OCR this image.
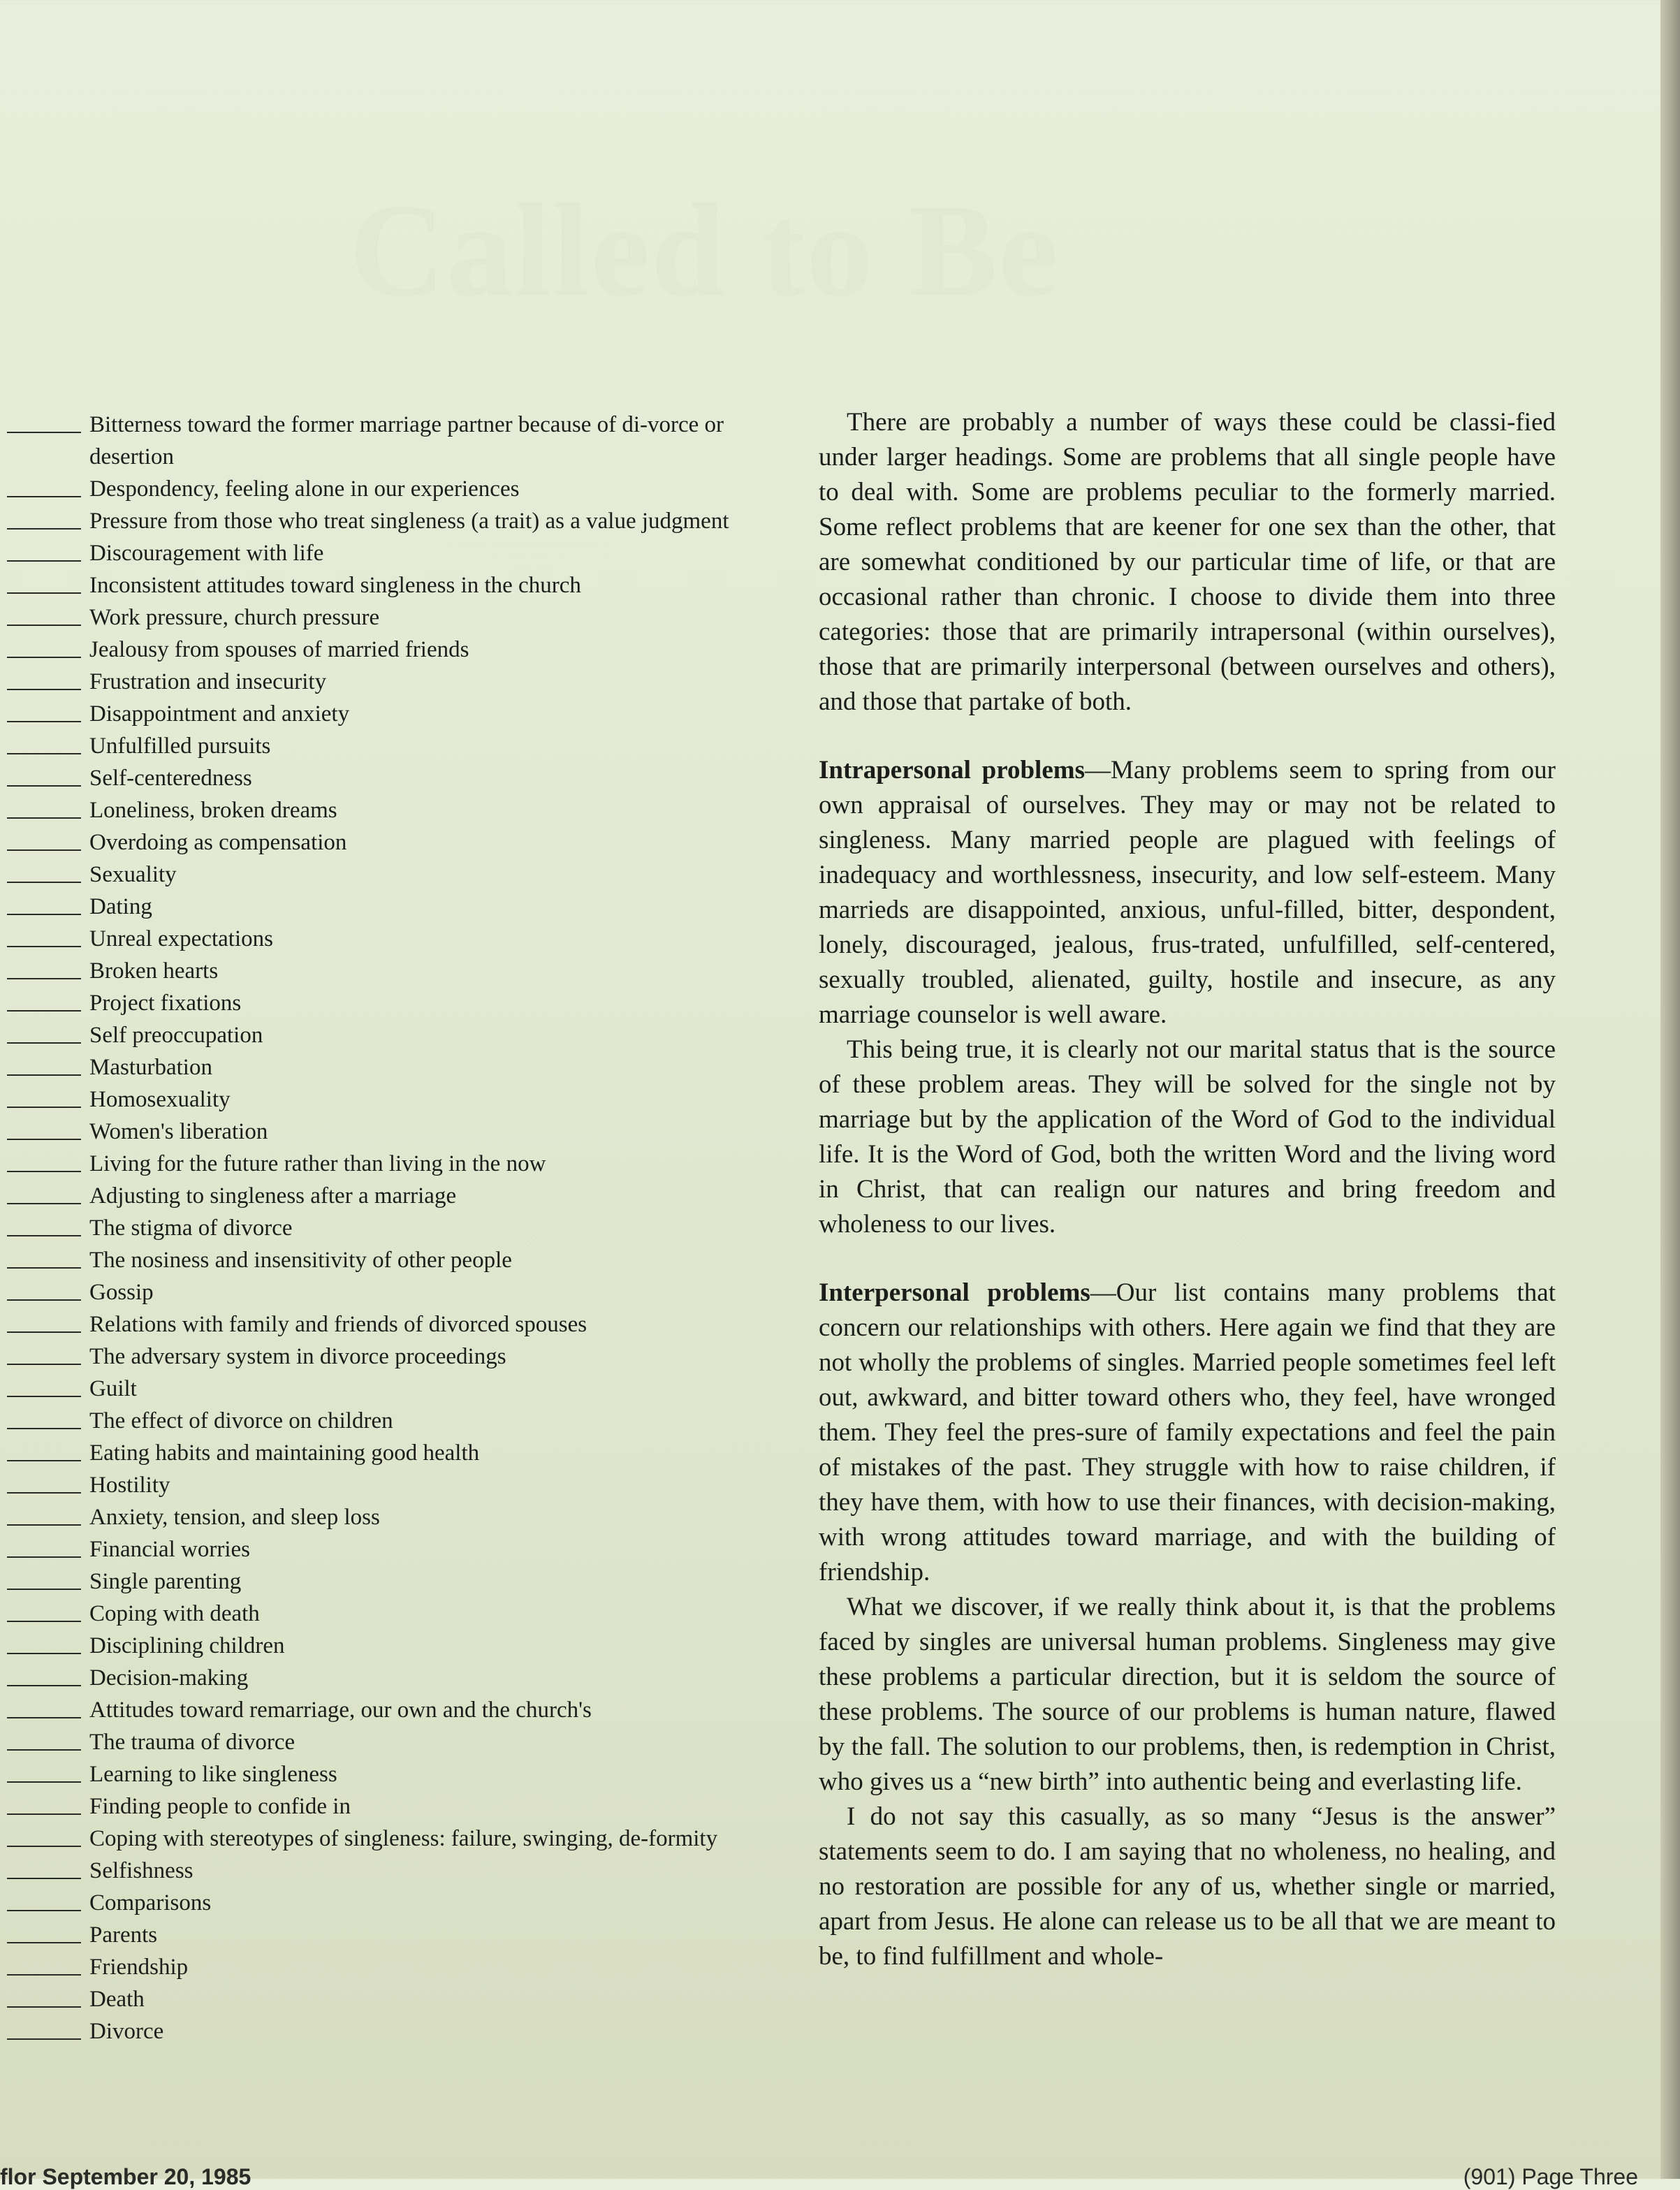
Called to Be
Bitterness toward the former marriage partner because of di-vorce or desertion
Despondency, feeling alone in our experiences
Pressure from those who treat singleness (a trait) as a value judgment
Discouragement with life
Inconsistent attitudes toward singleness in the church
Work pressure, church pressure
Jealousy from spouses of married friends
Frustration and insecurity
Disappointment and anxiety
Unfulfilled pursuits
Self-centeredness
Loneliness, broken dreams
Overdoing as compensation
Sexuality
Dating
Unreal expectations
Broken hearts
Project fixations
Self preoccupation
Masturbation
Homosexuality
Women's liberation
Living for the future rather than living in the now
Adjusting to singleness after a marriage
The stigma of divorce
The nosiness and insensitivity of other people
Gossip
Relations with family and friends of divorced spouses
The adversary system in divorce proceedings
Guilt
The effect of divorce on children
Eating habits and maintaining good health
Hostility
Anxiety, tension, and sleep loss
Financial worries
Single parenting
Coping with death
Disciplining children
Decision-making
Attitudes toward remarriage, our own and the church's
The trauma of divorce
Learning to like singleness
Finding people to confide in
Coping with stereotypes of singleness: failure, swinging, de-formity
Selfishness
Comparisons
Parents
Friendship
Death
Divorce

There are probably a number of ways these could be classi-fied under larger headings. Some are problems that all single people have to deal with. Some are problems peculiar to the formerly married. Some reflect problems that are keener for one sex than the other, that are somewhat conditioned by our particular time of life, or that are occasional rather than chronic. I choose to divide them into three categories: those that are primarily intrapersonal (within ourselves), those that are primarily interpersonal (between ourselves and others), and those that partake of both.

Intrapersonal problems—Many problems seem to spring from our own appraisal of ourselves. They may or may not be related to singleness. Many married people are plagued with feelings of inadequacy and worthlessness, insecurity, and low self-esteem. Many marrieds are disappointed, anxious, unful-filled, bitter, despondent, lonely, discouraged, jealous, frus-trated, unfulfilled, self-centered, sexually troubled, alienated, guilty, hostile and insecure, as any marriage counselor is well aware.

This being true, it is clearly not our marital status that is the source of these problem areas. They will be solved for the single not by marriage but by the application of the Word of God to the individual life. It is the Word of God, both the written Word and the living word in Christ, that can realign our natures and bring freedom and wholeness to our lives.

Interpersonal problems—Our list contains many problems that concern our relationships with others. Here again we find that they are not wholly the problems of singles. Married people sometimes feel left out, awkward, and bitter toward others who, they feel, have wronged them. They feel the pres-sure of family expectations and feel the pain of mistakes of the past. They struggle with how to raise children, if they have them, with how to use their finances, with decision-making, with wrong attitudes toward marriage, and with the building of friendship.

What we discover, if we really think about it, is that the problems faced by singles are universal human problems. Singleness may give these problems a particular direction, but it is seldom the source of these problems. The source of our problems is human nature, flawed by the fall. The solution to our problems, then, is redemption in Christ, who gives us a “new birth” into authentic being and everlasting life.

I do not say this casually, as so many “Jesus is the answer” statements seem to do. I am saying that no wholeness, no healing, and no restoration are possible for any of us, whether single or married, apart from Jesus. He alone can release us to be all that we are meant to be, to find fulfillment and whole-

flor September 20, 1985	(901) Page Three
